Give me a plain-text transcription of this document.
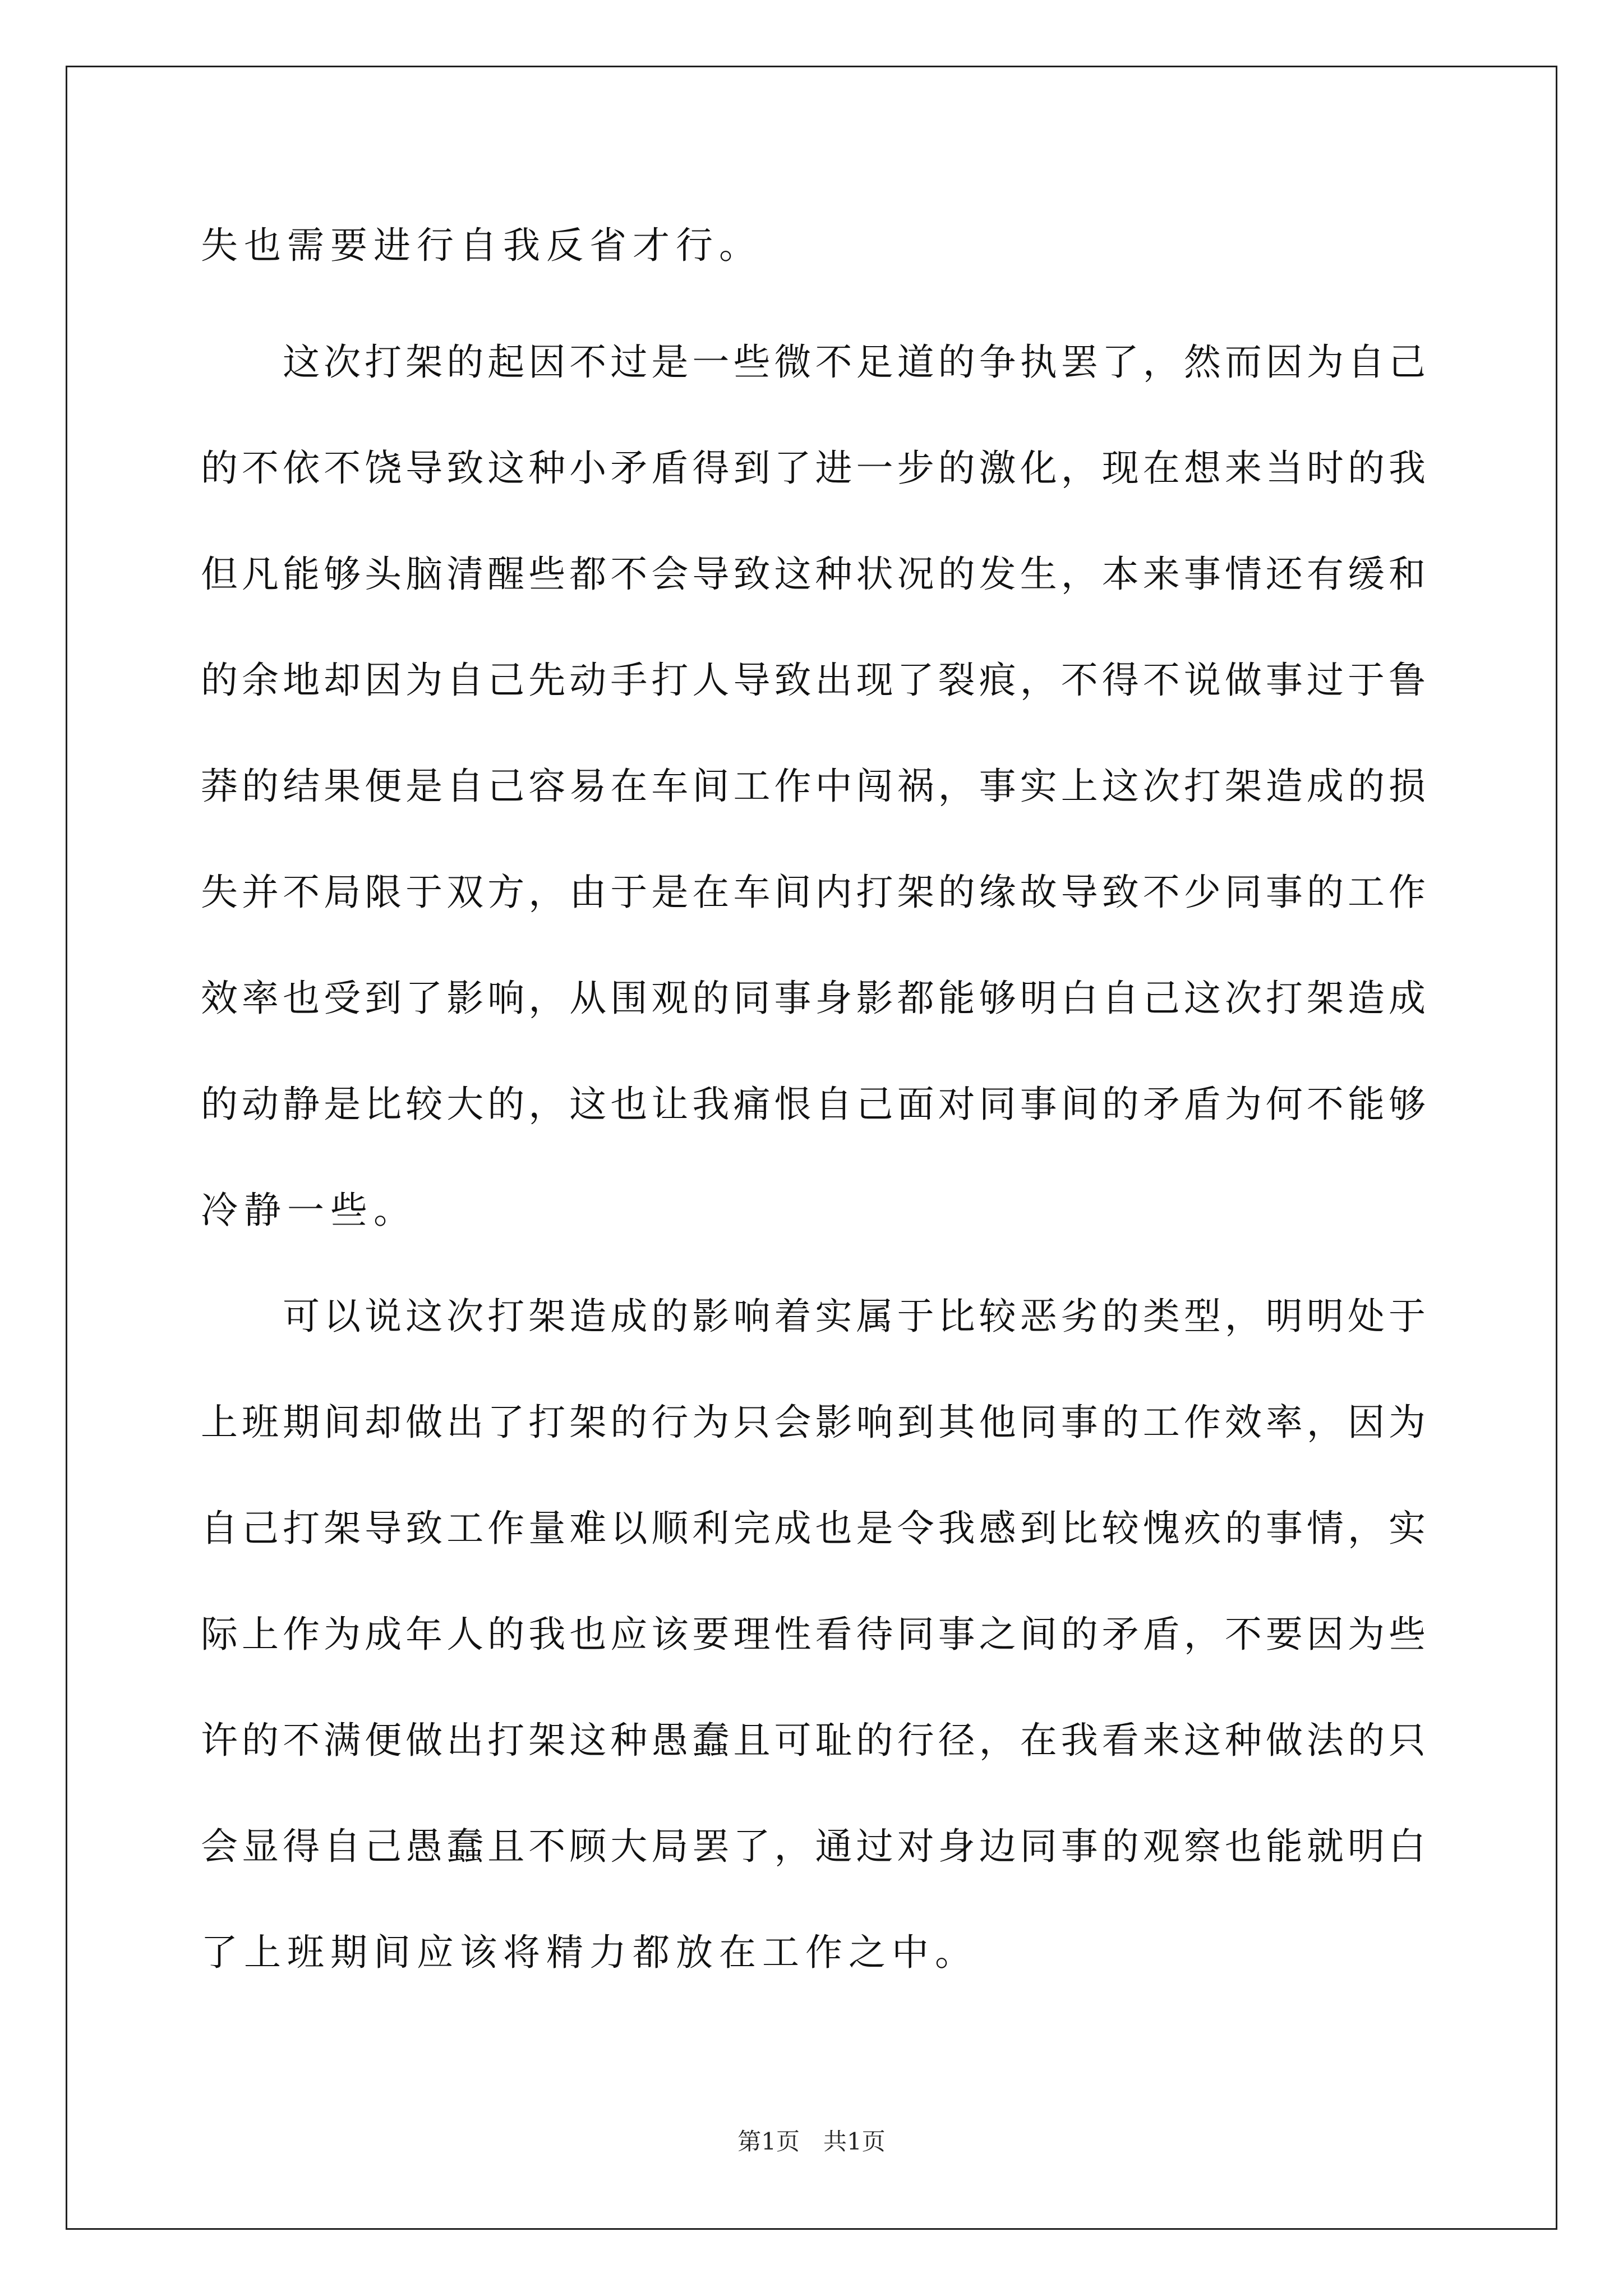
失也需要进行自我反省才行。
　　这次打架的起因不过是一些微不足道的争执罢了，然而因为自己
的不依不饶导致这种小矛盾得到了进一步的激化，现在想来当时的我
但凡能够头脑清醒些都不会导致这种状况的发生，本来事情还有缓和
的余地却因为自己先动手打人导致出现了裂痕，不得不说做事过于鲁
莽的结果便是自己容易在车间工作中闯祸，事实上这次打架造成的损
失并不局限于双方，由于是在车间内打架的缘故导致不少同事的工作
效率也受到了影响，从围观的同事身影都能够明白自己这次打架造成
的动静是比较大的，这也让我痛恨自己面对同事间的矛盾为何不能够
冷静一些。
　　可以说这次打架造成的影响着实属于比较恶劣的类型，明明处于
上班期间却做出了打架的行为只会影响到其他同事的工作效率，因为
自己打架导致工作量难以顺利完成也是令我感到比较愧疚的事情，实
际上作为成年人的我也应该要理性看待同事之间的矛盾，不要因为些
许的不满便做出打架这种愚蠢且可耻的行径，在我看来这种做法的只
会显得自己愚蠢且不顾大局罢了，通过对身边同事的观察也能就明白
了上班期间应该将精力都放在工作之中。
第1页　共1页
